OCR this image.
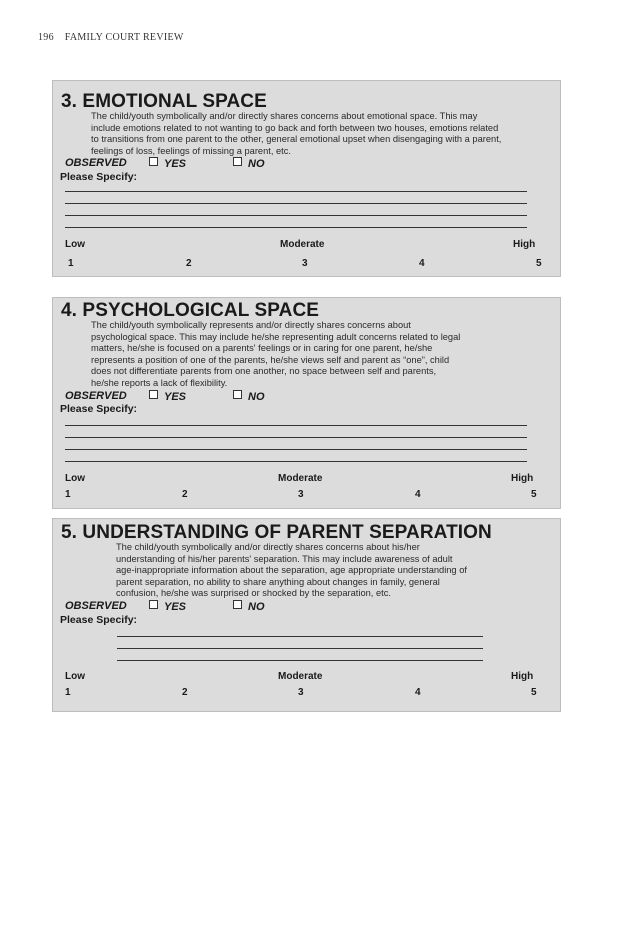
196 FAMILY COURT REVIEW
3. EMOTIONAL SPACE
The child/youth symbolically and/or directly shares concerns about emotional space. This may
include emotions related to not wanting to go back and forth between two houses, emotions related
to transitions from one parent to the other, general emotional upset when disengaging with a parent,
feelings of loss, feelings of missing a parent, etc.
OBSERVED	YES	NO
Please Specify:
Low	Moderate	High
1	2	3	4	5
4. PSYCHOLOGICAL SPACE
The child/youth symbolically represents and/or directly shares concerns about
psychological space. This may include he/she representing adult concerns related to legal
matters, he/she is focused on a parents' feelings or in caring for one parent, he/she
represents a position of one of the parents, he/she views self and parent as “one”, child
does not differentiate parents from one another, no space between self and parents,
he/she reports a lack of flexibility.
OBSERVED	YES	NO
Please Specify:
Low	Moderate	High
1	2	3	4	5
5. UNDERSTANDING OF PARENT SEPARATION
The child/youth symbolically and/or directly shares concerns about his/her
understanding of his/her parents' separation. This may include awareness of adult
age-inappropriate information about the separation, age appropriate understanding of
parent separation, no ability to share anything about changes in family, general
confusion, he/she was surprised or shocked by the separation, etc.
OBSERVED	YES	NO
Please Specify:
Low	Moderate	High
1	2	3	4	5
